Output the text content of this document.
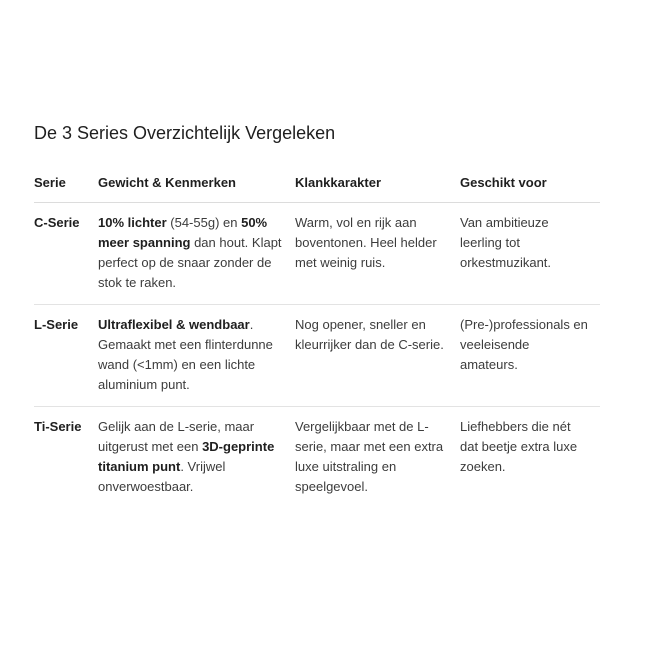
De 3 Series Overzichtelijk Vergeleken
Serie	Gewicht & Kenmerken	Klankkarakter	Geschikt voor
C-Serie	10% lichter (54-55g) en 50% meer spanning dan hout. Klapt perfect op de snaar zonder de stok te raken.	Warm, vol en rijk aan boventonen. Heel helder met weinig ruis.	Van ambitieuze leerling tot orkestmuzikant.
L-Serie	Ultraflexibel & wendbaar. Gemaakt met een flinterdunne wand (<1mm) en een lichte aluminium punt.	Nog opener, sneller en kleurrijker dan de C-serie.	(Pre-)professionals en veeleisende amateurs.
Ti-Serie	Gelijk aan de L-serie, maar uitgerust met een 3D-geprinte titanium punt. Vrijwel onverwoestbaar.	Vergelijkbaar met de L-serie, maar met een extra luxe uitstraling en speelgevoel.	Liefhebbers die nét dat beetje extra luxe zoeken.
